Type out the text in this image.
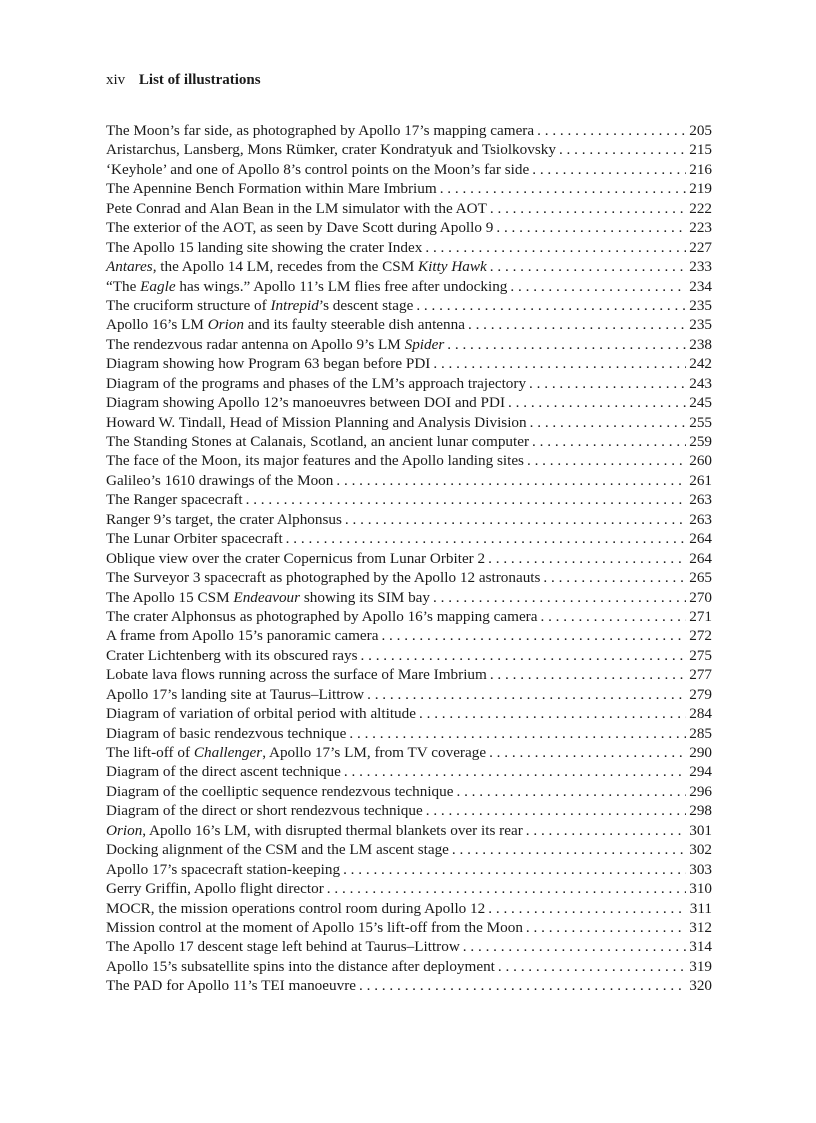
xiv List of illustrations
The Moon’s far side, as photographed by Apollo 17’s mapping camera . . .	205
Aristarchus, Lansberg, Mons Rümker, crater Kondratyuk and Tsiolkovsky . . .	215
‘Keyhole’ and one of Apollo 8’s control points on the Moon’s far side . . .	216
The Apennine Bench Formation within Mare Imbrium . . .	219
Pete Conrad and Alan Bean in the LM simulator with the AOT . . .	222
The exterior of the AOT, as seen by Dave Scott during Apollo 9 . . .	223
The Apollo 15 landing site showing the crater Index . . .	227
Antares, the Apollo 14 LM, recedes from the CSM Kitty Hawk . . .	233
“The Eagle has wings.” Apollo 11’s LM flies free after undocking . . .	234
The cruciform structure of Intrepid’s descent stage . . .	235
Apollo 16’s LM Orion and its faulty steerable dish antenna . . .	235
The rendezvous radar antenna on Apollo 9’s LM Spider . . .	238
Diagram showing how Program 63 began before PDI . . .	242
Diagram of the programs and phases of the LM’s approach trajectory . . .	243
Diagram showing Apollo 12’s manoeuvres between DOI and PDI . . .	245
Howard W. Tindall, Head of Mission Planning and Analysis Division . . .	255
The Standing Stones at Calanais, Scotland, an ancient lunar computer . . .	259
The face of the Moon, its major features and the Apollo landing sites . . .	260
Galileo’s 1610 drawings of the Moon . . .	261
The Ranger spacecraft . . .	263
Ranger 9’s target, the crater Alphonsus . . .	263
The Lunar Orbiter spacecraft . . .	264
Oblique view over the crater Copernicus from Lunar Orbiter 2 . . .	264
The Surveyor 3 spacecraft as photographed by the Apollo 12 astronauts . . .	265
The Apollo 15 CSM Endeavour showing its SIM bay . . .	270
The crater Alphonsus as photographed by Apollo 16’s mapping camera . . .	271
A frame from Apollo 15’s panoramic camera . . .	272
Crater Lichtenberg with its obscured rays . . .	275
Lobate lava flows running across the surface of Mare Imbrium . . .	277
Apollo 17’s landing site at Taurus–Littrow . . .	279
Diagram of variation of orbital period with altitude . . .	284
Diagram of basic rendezvous technique . . .	285
The lift-off of Challenger, Apollo 17’s LM, from TV coverage . . .	290
Diagram of the direct ascent technique . . .	294
Diagram of the coelliptic sequence rendezvous technique . . .	296
Diagram of the direct or short rendezvous technique . . .	298
Orion, Apollo 16’s LM, with disrupted thermal blankets over its rear . . .	301
Docking alignment of the CSM and the LM ascent stage . . .	302
Apollo 17’s spacecraft station-keeping . . .	303
Gerry Griffin, Apollo flight director . . .	310
MOCR, the mission operations control room during Apollo 12 . . .	311
Mission control at the moment of Apollo 15’s lift-off from the Moon . . .	312
The Apollo 17 descent stage left behind at Taurus–Littrow . . .	314
Apollo 15’s subsatellite spins into the distance after deployment . . .	319
The PAD for Apollo 11’s TEI manoeuvre . . .	320
